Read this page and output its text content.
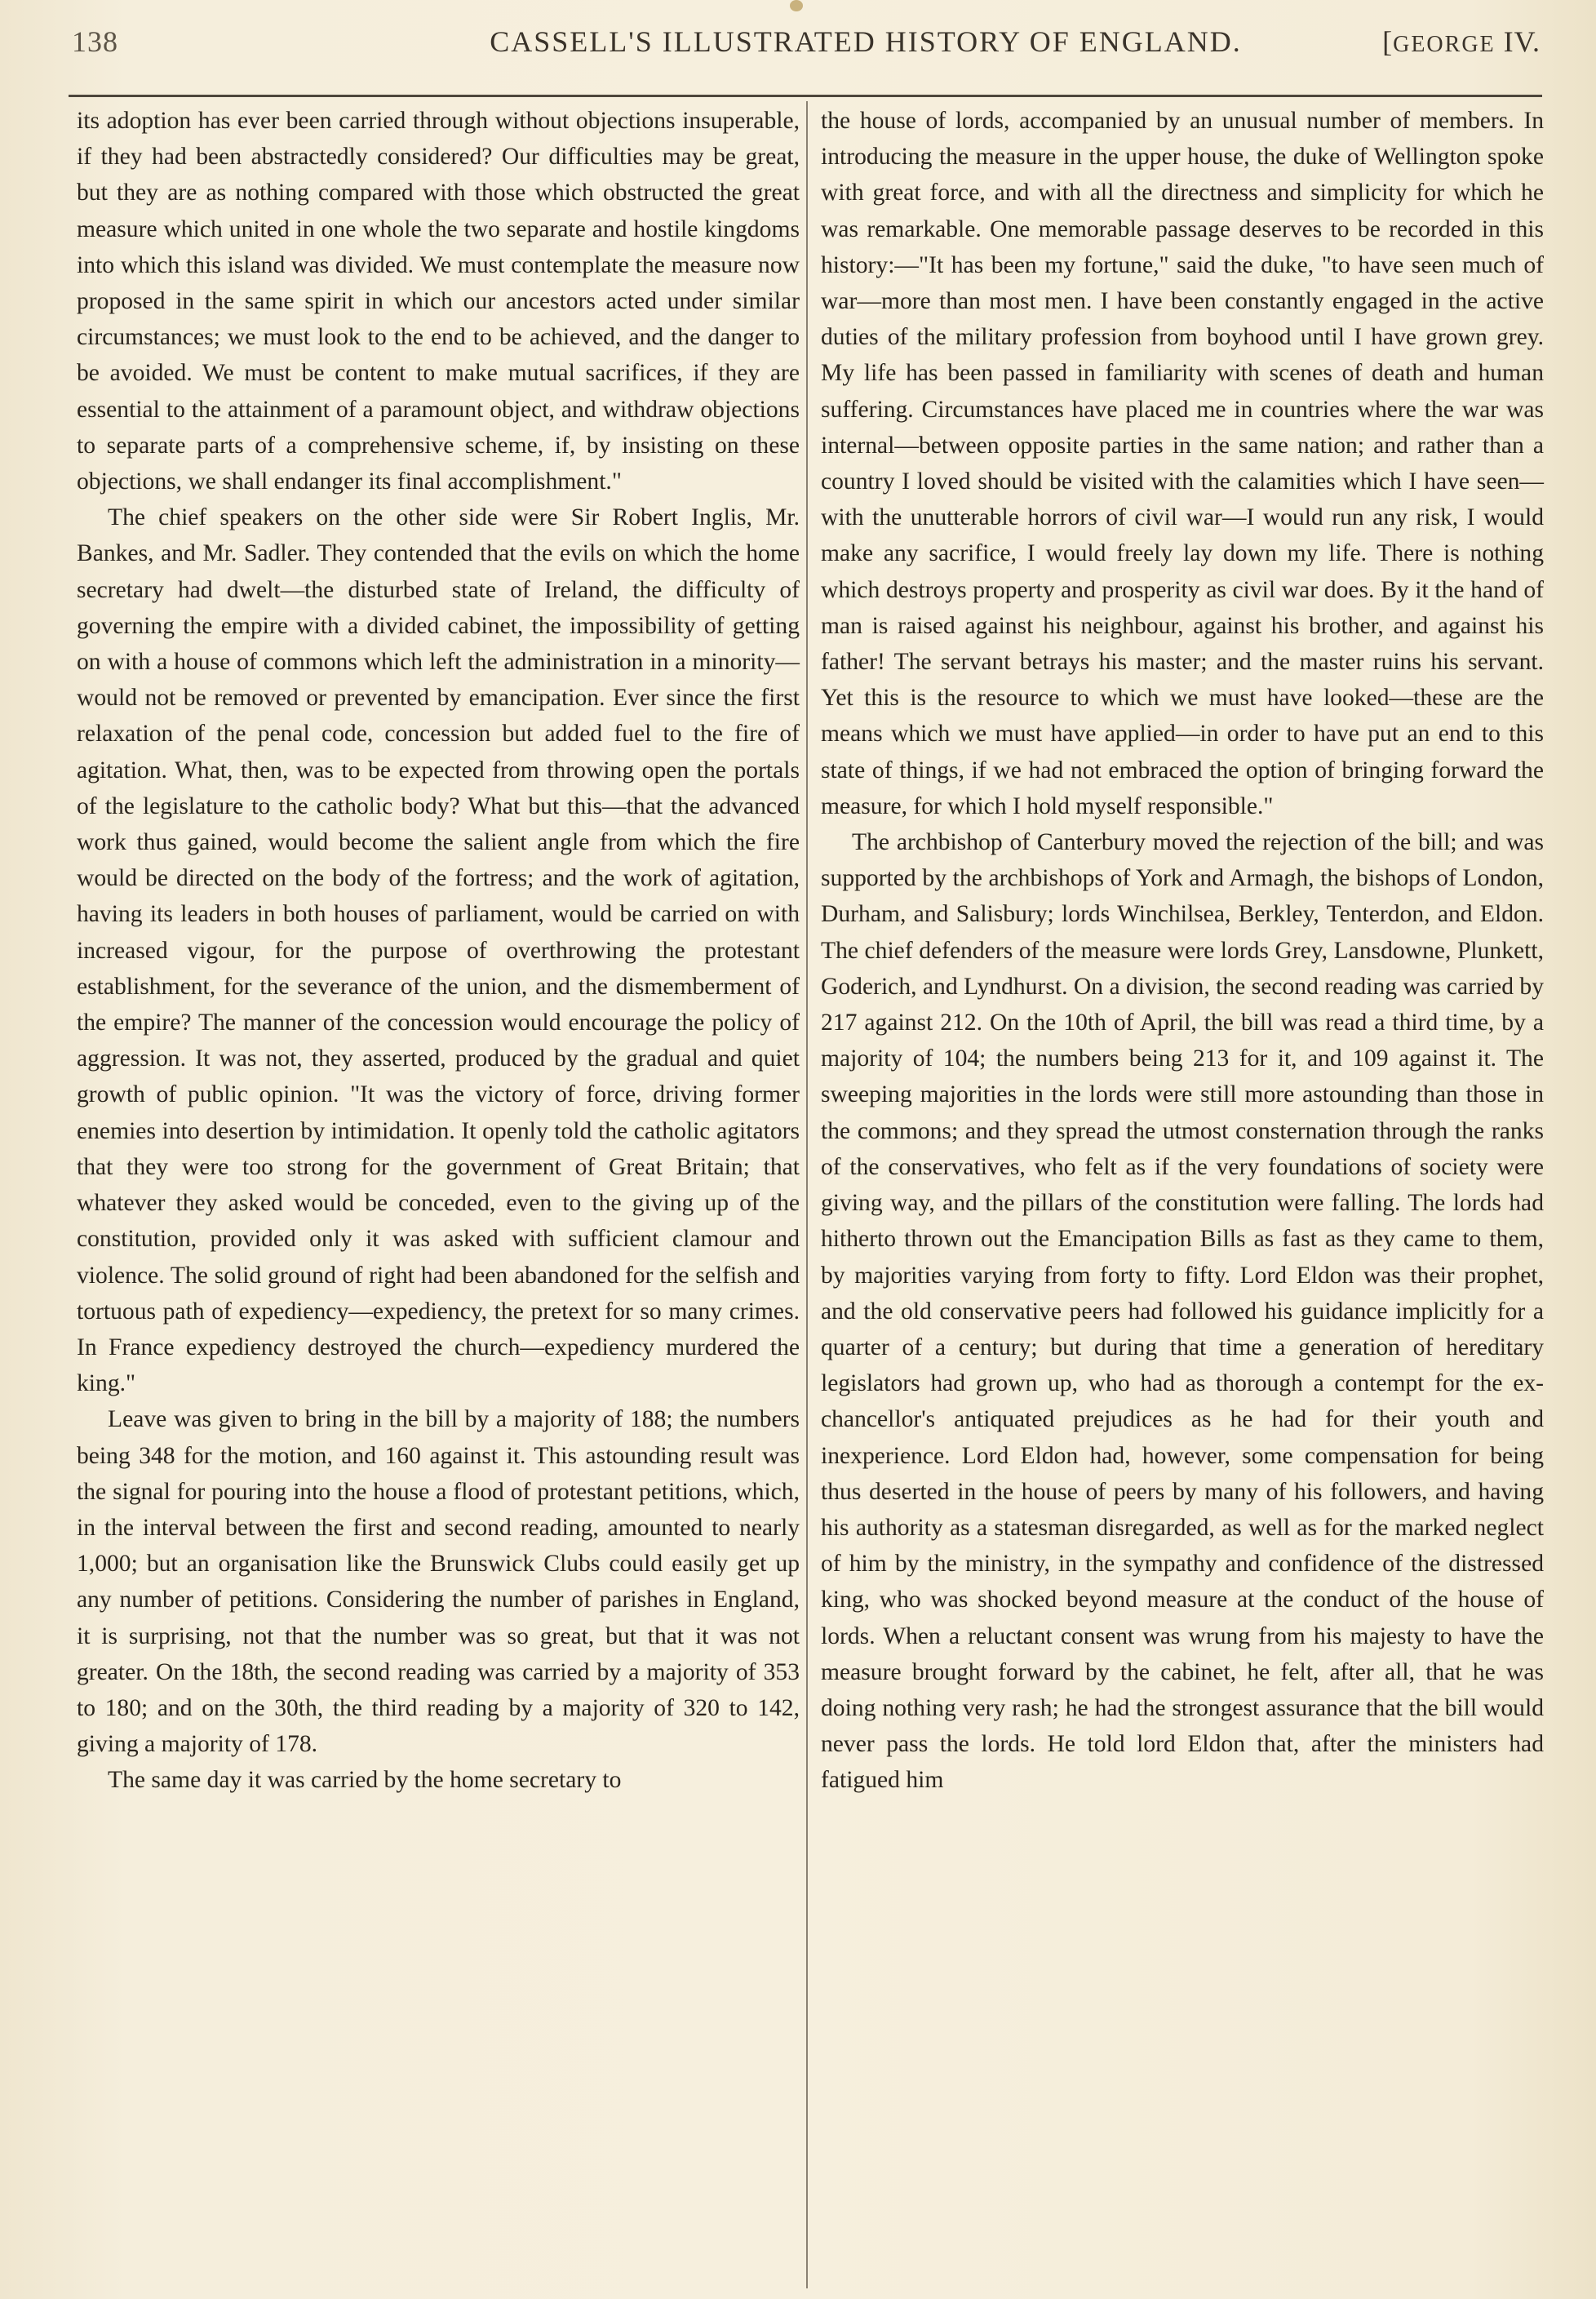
138	CASSELL'S ILLUSTRATED HISTORY OF ENGLAND.	[GEORGE IV.

its adoption has ever been carried through without objections insuperable, if they had been abstractedly considered? Our difficulties may be great, but they are as nothing compared with those which obstructed the great measure which united in one whole the two separate and hostile kingdoms into which this island was divided. We must contemplate the measure now proposed in the same spirit in which our ancestors acted under similar circumstances; we must look to the end to be achieved, and the danger to be avoided. We must be content to make mutual sacrifices, if they are essential to the attainment of a paramount object, and withdraw objections to separate parts of a comprehensive scheme, if, by insisting on these objections, we shall endanger its final accomplishment."

The chief speakers on the other side were Sir Robert Inglis, Mr. Bankes, and Mr. Sadler. They contended that the evils on which the home secretary had dwelt—the disturbed state of Ireland, the difficulty of governing the empire with a divided cabinet, the impossibility of getting on with a house of commons which left the administration in a minority—would not be removed or prevented by emancipation. Ever since the first relaxation of the penal code, concession but added fuel to the fire of agitation. What, then, was to be expected from throwing open the portals of the legislature to the catholic body? What but this—that the advanced work thus gained, would become the salient angle from which the fire would be directed on the body of the fortress; and the work of agitation, having its leaders in both houses of parliament, would be carried on with increased vigour, for the purpose of overthrowing the protestant establishment, for the severance of the union, and the dismemberment of the empire? The manner of the concession would encourage the policy of aggression. It was not, they asserted, produced by the gradual and quiet growth of public opinion. "It was the victory of force, driving former enemies into desertion by intimidation. It openly told the catholic agitators that they were too strong for the government of Great Britain; that whatever they asked would be conceded, even to the giving up of the constitution, provided only it was asked with sufficient clamour and violence. The solid ground of right had been abandoned for the selfish and tortuous path of expediency—expediency, the pretext for so many crimes. In France expediency destroyed the church—expediency murdered the king."

Leave was given to bring in the bill by a majority of 188; the numbers being 348 for the motion, and 160 against it. This astounding result was the signal for pouring into the house a flood of protestant petitions, which, in the interval between the first and second reading, amounted to nearly 1,000; but an organisation like the Brunswick Clubs could easily get up any number of petitions. Considering the number of parishes in England, it is surprising, not that the number was so great, but that it was not greater. On the 18th, the second reading was carried by a majority of 353 to 180; and on the 30th, the third reading by a majority of 320 to 142, giving a majority of 178.

The same day it was carried by the home secretary to

the house of lords, accompanied by an unusual number of members. In introducing the measure in the upper house, the duke of Wellington spoke with great force, and with all the directness and simplicity for which he was remarkable. One memorable passage deserves to be recorded in this history:—"It has been my fortune," said the duke, "to have seen much of war—more than most men. I have been constantly engaged in the active duties of the military profession from boyhood until I have grown grey. My life has been passed in familiarity with scenes of death and human suffering. Circumstances have placed me in countries where the war was internal—between opposite parties in the same nation; and rather than a country I loved should be visited with the calamities which I have seen—with the unutterable horrors of civil war—I would run any risk, I would make any sacrifice, I would freely lay down my life. There is nothing which destroys property and prosperity as civil war does. By it the hand of man is raised against his neighbour, against his brother, and against his father! The servant betrays his master; and the master ruins his servant. Yet this is the resource to which we must have looked—these are the means which we must have applied—in order to have put an end to this state of things, if we had not embraced the option of bringing forward the measure, for which I hold myself responsible."

The archbishop of Canterbury moved the rejection of the bill; and was supported by the archbishops of York and Armagh, the bishops of London, Durham, and Salisbury; lords Winchilsea, Berkley, Tenterdon, and Eldon. The chief defenders of the measure were lords Grey, Lansdowne, Plunkett, Goderich, and Lyndhurst. On a division, the second reading was carried by 217 against 212. On the 10th of April, the bill was read a third time, by a majority of 104; the numbers being 213 for it, and 109 against it. The sweeping majorities in the lords were still more astounding than those in the commons; and they spread the utmost consternation through the ranks of the conservatives, who felt as if the very foundations of society were giving way, and the pillars of the constitution were falling. The lords had hitherto thrown out the Emancipation Bills as fast as they came to them, by majorities varying from forty to fifty. Lord Eldon was their prophet, and the old conservative peers had followed his guidance implicitly for a quarter of a century; but during that time a generation of hereditary legislators had grown up, who had as thorough a contempt for the ex-chancellor's antiquated prejudices as he had for their youth and inexperience. Lord Eldon had, however, some compensation for being thus deserted in the house of peers by many of his followers, and having his authority as a statesman disregarded, as well as for the marked neglect of him by the ministry, in the sympathy and confidence of the distressed king, who was shocked beyond measure at the conduct of the house of lords. When a reluctant consent was wrung from his majesty to have the measure brought forward by the cabinet, he felt, after all, that he was doing nothing very rash; he had the strongest assurance that the bill would never pass the lords. He told lord Eldon that, after the ministers had fatigued him
